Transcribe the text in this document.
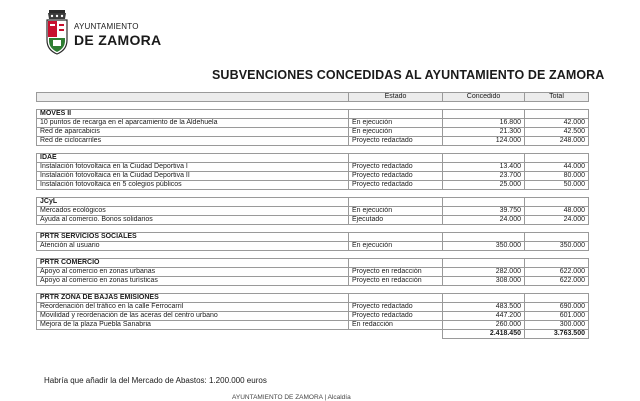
AYUNTAMIENTO
DE ZAMORA
SUBVENCIONES CONCEDIDAS AL AYUNTAMIENTO DE ZAMORA
	Estado	Concedido	Total

MOVES II			
10 puntos de recarga en el aparcamiento de la Aldehuela	En ejecución	16.800	42.000
Red de aparcabicis	En ejecución	21.300	42.500
Red de ciclocarriles	Proyecto redactado	124.000	248.000

IDAE			
Instalación fotovoltaica en la Ciudad Deportiva I	Proyecto redactado	13.400	44.000
Instalación fotovoltaica en la Ciudad Deportiva II	Proyecto redactado	23.700	80.000
Instalación fotovoltaica en 5 colegios públicos	Proyecto redactado	25.000	50.000

JCyL			
Mercados ecológicos	En ejecución	39.750	48.000
Ayuda al comercio. Bonos solidarios	Ejecutado	24.000	24.000

PRTR SERVICIOS SOCIALES			
Atención al usuario	En ejecución	350.000	350.000

PRTR COMERCIO			
Apoyo al comercio en zonas urbanas	Proyecto en redacción	282.000	622.000
Apoyo al comercio en zonas turísticas	Proyecto en redacción	308.000	622.000

PRTR ZONA DE BAJAS EMISIONES			
Reordenación del tráfico en la calle Ferrocarril	Proyecto redactado	483.500	690.000
Movilidad y reordenación de las aceras del centro urbano	Proyecto redactado	447.200	601.000
Mejora de la plaza Puebla Sanabria	En redacción	260.000	300.000
		2.418.450	3.763.500
Habría que añadir la del Mercado de Abastos: 1.200.000 euros
AYUNTAMIENTO DE ZAMORA | Alcaldía
